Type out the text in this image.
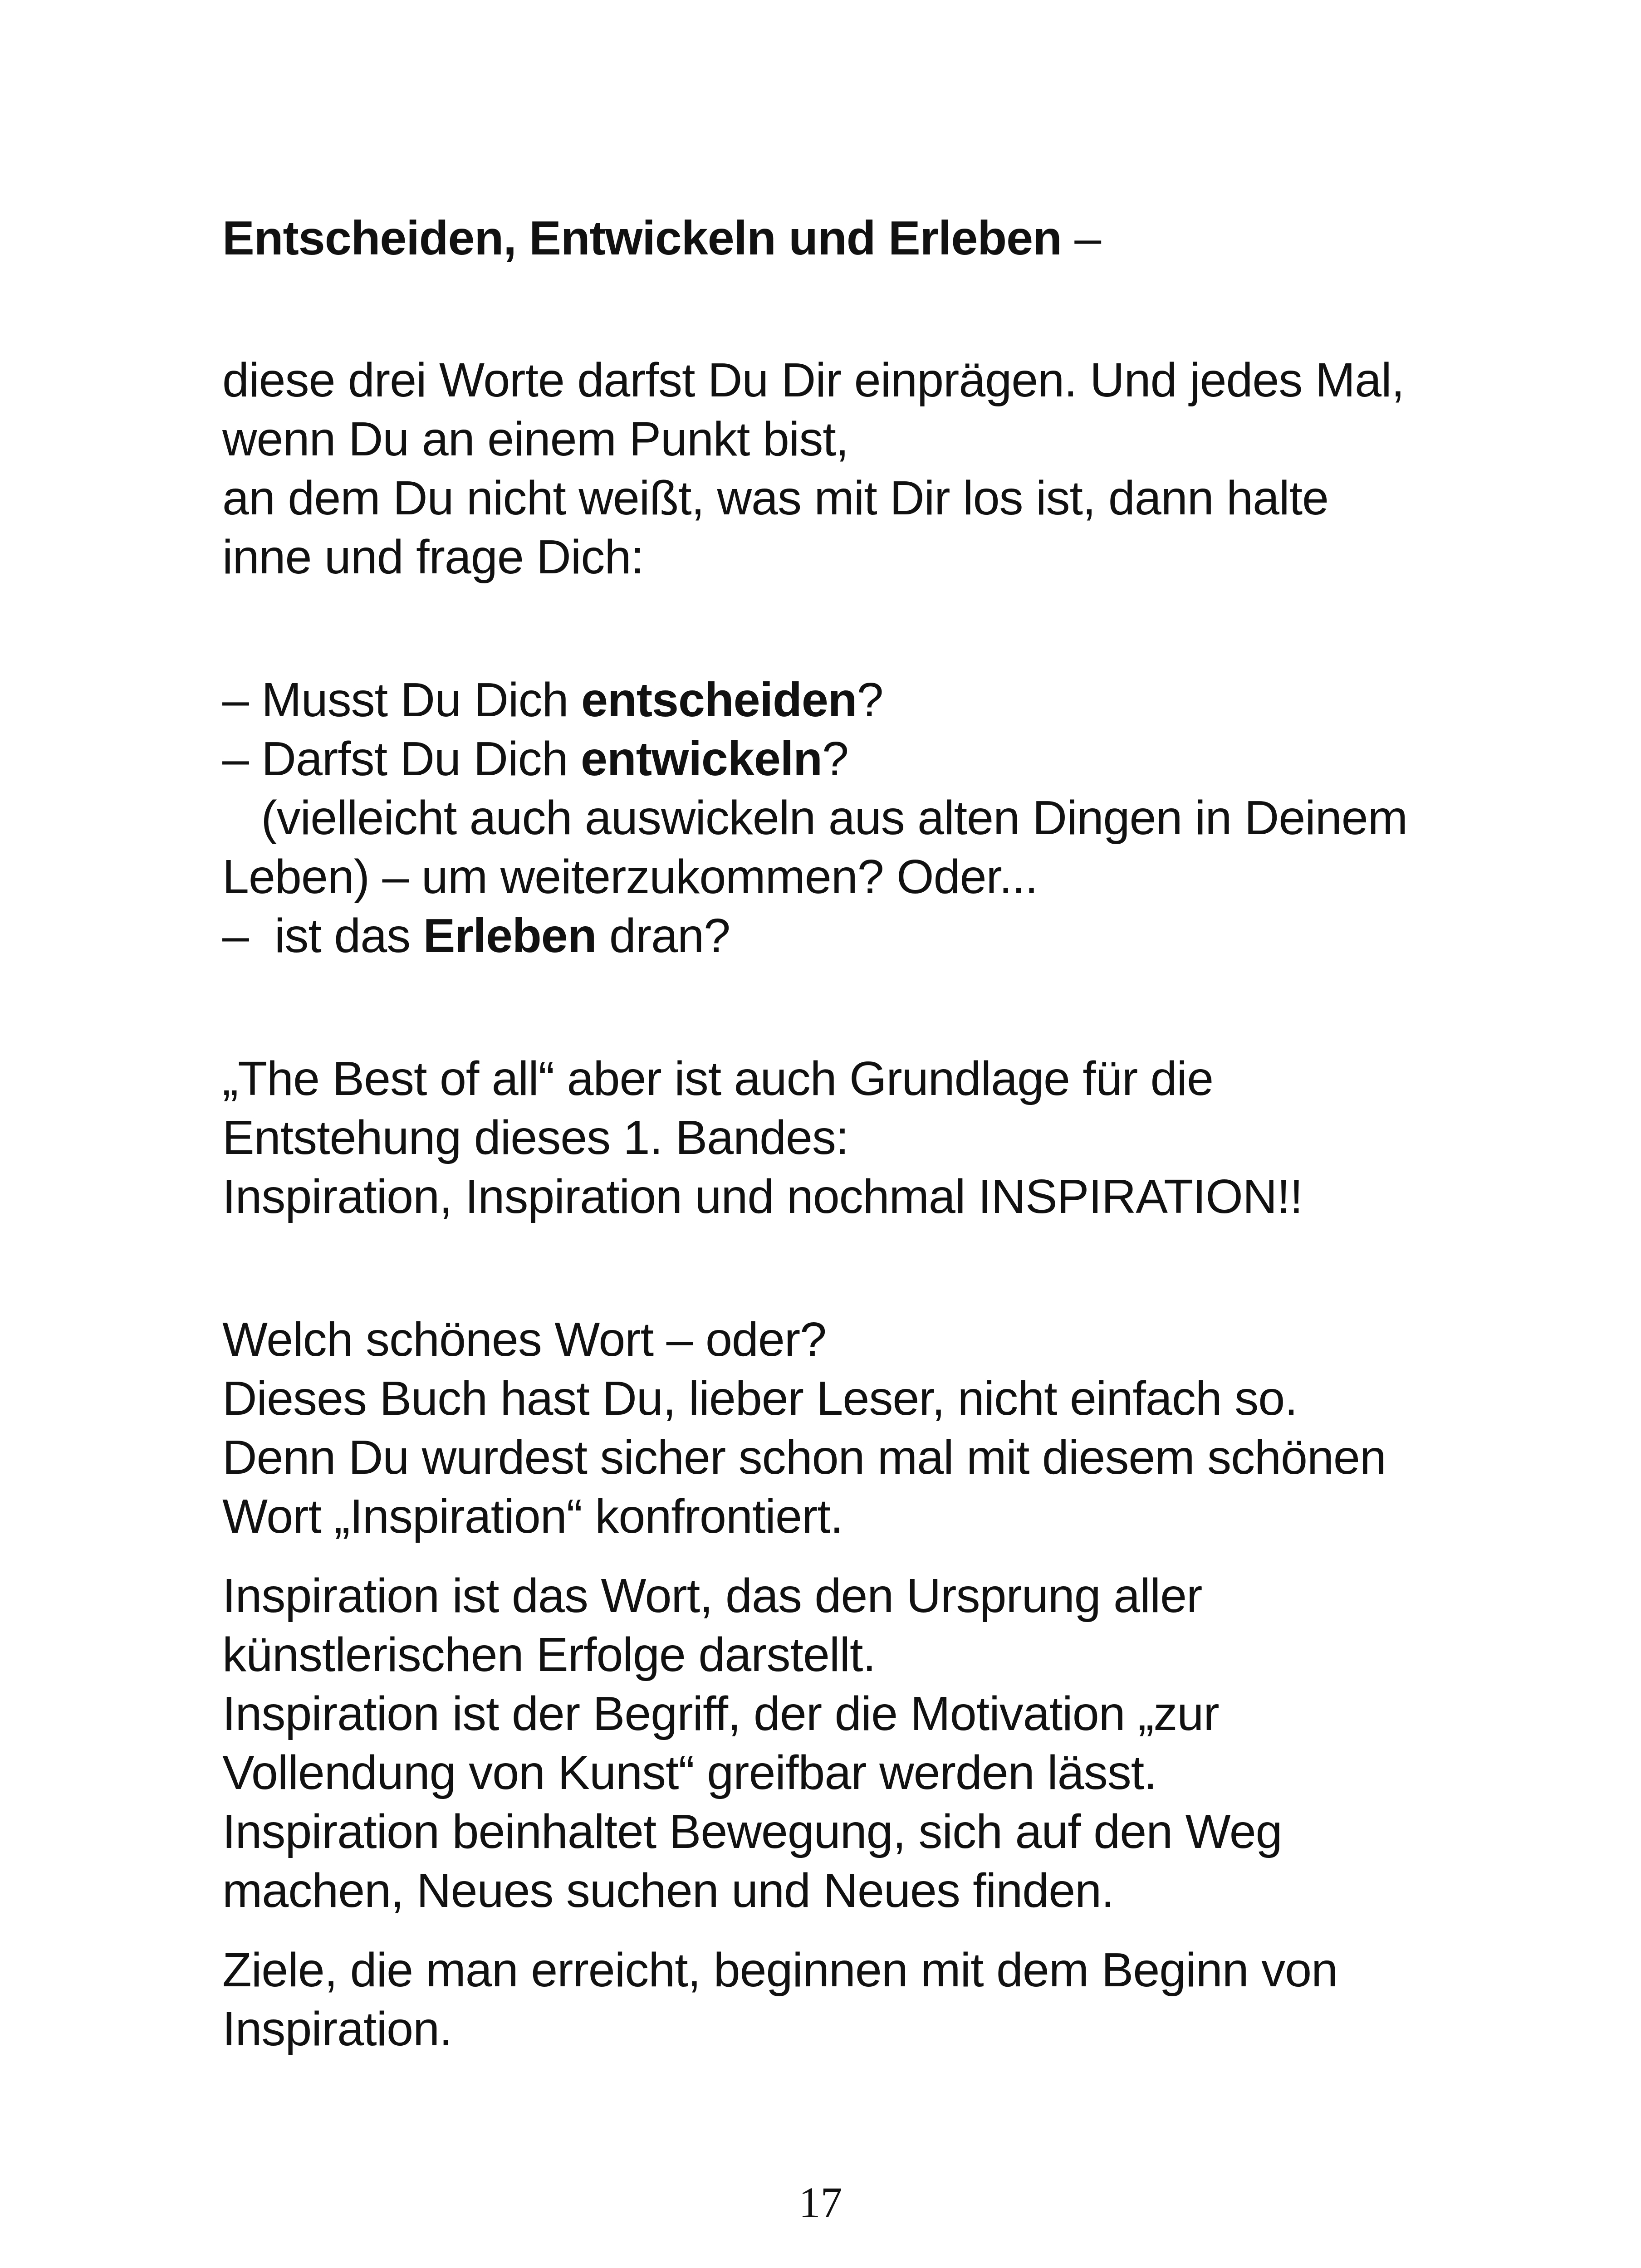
Entscheiden, Entwickeln und Erleben –
diese drei Worte darfst Du Dir einprägen. Und jedes Mal,
wenn Du an einem Punkt bist,
an dem Du nicht weißt, was mit Dir los ist, dann halte
inne und frage Dich:
– Musst Du Dich entscheiden?
– Darfst Du Dich entwickeln?
(vielleicht auch auswickeln aus alten Dingen in Deinem
Leben) – um weiterzukommen? Oder...
–  ist das Erleben dran?
„The Best of all“ aber ist auch Grundlage für die
Entstehung dieses 1. Bandes:
Inspiration, Inspiration und nochmal INSPIRATION!!
Welch schönes Wort – oder?
Dieses Buch hast Du, lieber Leser, nicht einfach so.
Denn Du wurdest sicher schon mal mit diesem schönen
Wort „Inspiration“ konfrontiert.
Inspiration ist das Wort, das den Ursprung aller
künstlerischen Erfolge darstellt.
Inspiration ist der Begriff, der die Motivation „zur
Vollendung von Kunst“ greifbar werden lässt.
Inspiration beinhaltet Bewegung, sich auf den Weg
machen, Neues suchen und Neues finden.
Ziele, die man erreicht, beginnen mit dem Beginn von
Inspiration.
17
